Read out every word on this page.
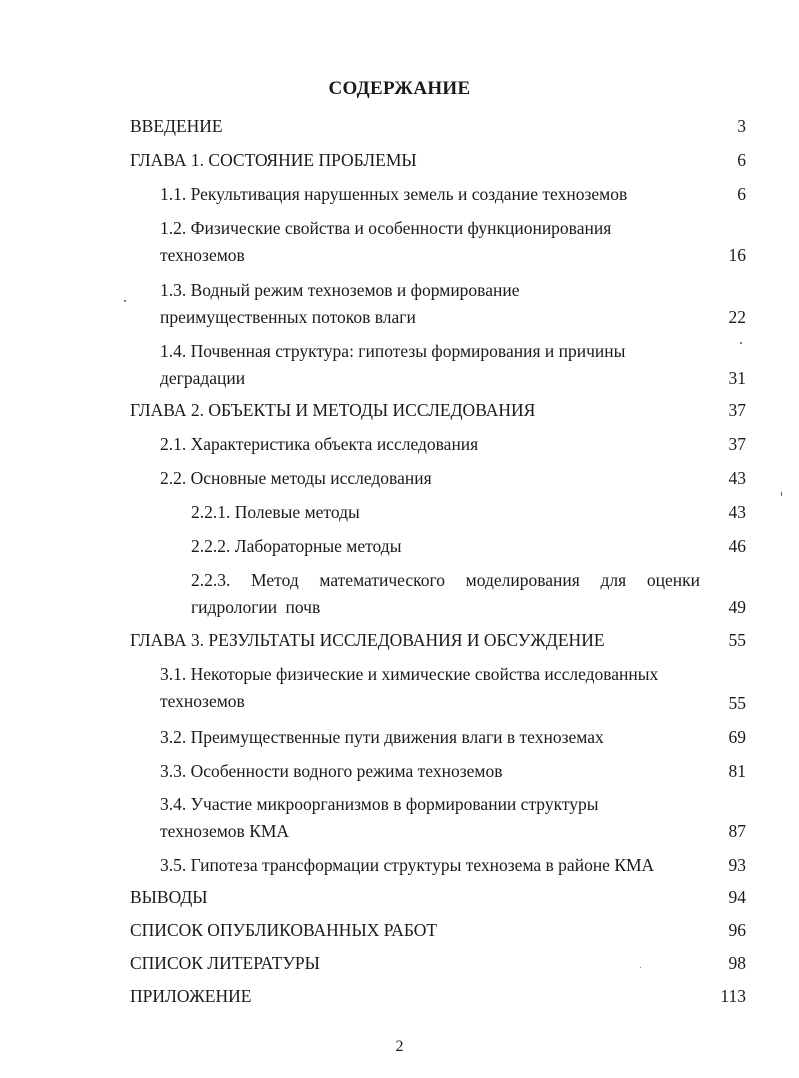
СОДЕРЖАНИЕ
ВВЕДЕНИЕ	3
ГЛАВА 1. СОСТОЯНИЕ ПРОБЛЕМЫ	6
1.1. Рекультивация нарушенных земель и создание техноземов	6
1.2. Физические свойства и особенности функционирования
техноземов	16
1.3. Водный режим техноземов и формирование
преимущественных потоков влаги	22
1.4. Почвенная структура: гипотезы формирования и причины
деградации	31
ГЛАВА 2. ОБЪЕКТЫ И МЕТОДЫ ИССЛЕДОВАНИЯ	37
2.1. Характеристика объекта исследования	37
2.2. Основные методы исследования	43
2.2.1. Полевые методы	43
2.2.2. Лабораторные методы	46
2.2.3. Метод математического моделирования для оценки
гидрологии почв	49
ГЛАВА 3. РЕЗУЛЬТАТЫ ИССЛЕДОВАНИЯ И ОБСУЖДЕНИЕ	55
3.1. Некоторые физические и химические свойства исследованных
техноземов	55
3.2. Преимущественные пути движения влаги в техноземах	69
3.3. Особенности водного режима техноземов	81
3.4. Участие микроорганизмов в формировании структуры
техноземов КМА	87
3.5. Гипотеза трансформации структуры технозема в районе КМА	93
ВЫВОДЫ	94
СПИСОК ОПУБЛИКОВАННЫХ РАБОТ	96
СПИСОК ЛИТЕРАТУРЫ	98
ПРИЛОЖЕНИЕ	113
2
